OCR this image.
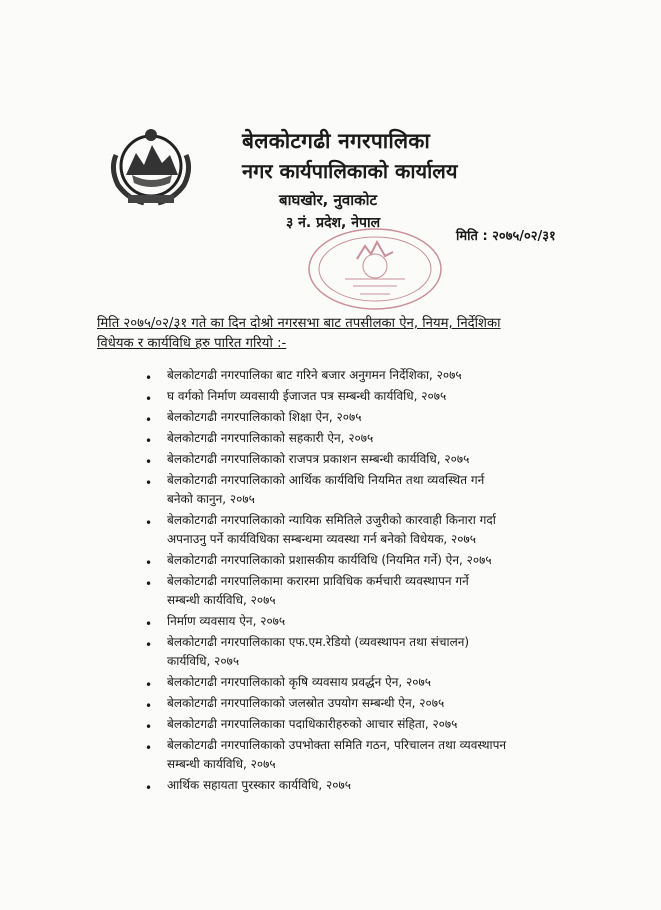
बेलकोटगढी नगरपालिका
नगर कार्यपालिकाको कार्यालय
बाघखोर, नुवाकोट
३ नं. प्रदेश, नेपाल
मिति : २०७५/०२/३१
मिति २०७५/०२/३१ गते का दिन दोश्रो नगरसभा बाट तपसीलका ऐन, नियम, निर्देशिका
विधेयक र कार्यविधि हरु पारित गरियो :-
• बेलकोटगढी नगरपालिका बाट गरिने बजार अनुगमन निर्देशिका, २०७५
• घ वर्गको निर्माण व्यवसायी ईजाजत पत्र सम्बन्धी कार्यविधि, २०७५
• बेलकोटगढी नगरपालिकाको शिक्षा ऐन, २०७५
• बेलकोटगढी नगरपालिकाको सहकारी ऐन, २०७५
• बेलकोटगढी नगरपालिकाको राजपत्र प्रकाशन सम्बन्धी कार्यविधि, २०७५
• बेलकोटगढी नगरपालिकाको आर्थिक कार्यविधि नियमित तथा व्यवस्थित गर्न
बनेको कानुन, २०७५
• बेलकोटगढी नगरपालिकाको न्यायिक समितिले उजुरीको कारवाही किनारा गर्दा
अपनाउनु पर्ने कार्यविधिका सम्बन्धमा व्यवस्था गर्न बनेको विधेयक, २०७५
• बेलकोटगढी नगरपालिकाको प्रशासकीय कार्यविधि (नियमित गर्ने) ऐन, २०७५
• बेलकोटगढी नगरपालिकामा करारमा प्राविधिक कर्मचारी व्यवस्थापन गर्ने
सम्बन्धी कार्यविधि, २०७५
• निर्माण व्यवसाय ऐन, २०७५
• बेलकोटगढी नगरपालिकाका एफ.एम.रेडियो (व्यवस्थापन तथा संचालन)
कार्यविधि, २०७५
• बेलकोटगढी नगरपालिकाको कृषि व्यवसाय प्रवर्द्धन ऐन, २०७५
• बेलकोटगढी नगरपालिकाको जलस्रोत उपयोग सम्बन्धी ऐन, २०७५
• बेलकोटगढी नगरपालिकाका पदाधिकारीहरुको आचार संहिता, २०७५
• बेलकोटगढी नगरपालिकाको उपभोक्ता समिति गठन, परिचालन तथा व्यवस्थापन
सम्बन्धी कार्यविधि, २०७५
• आर्थिक सहायता पुरस्कार कार्यविधि, २०७५
